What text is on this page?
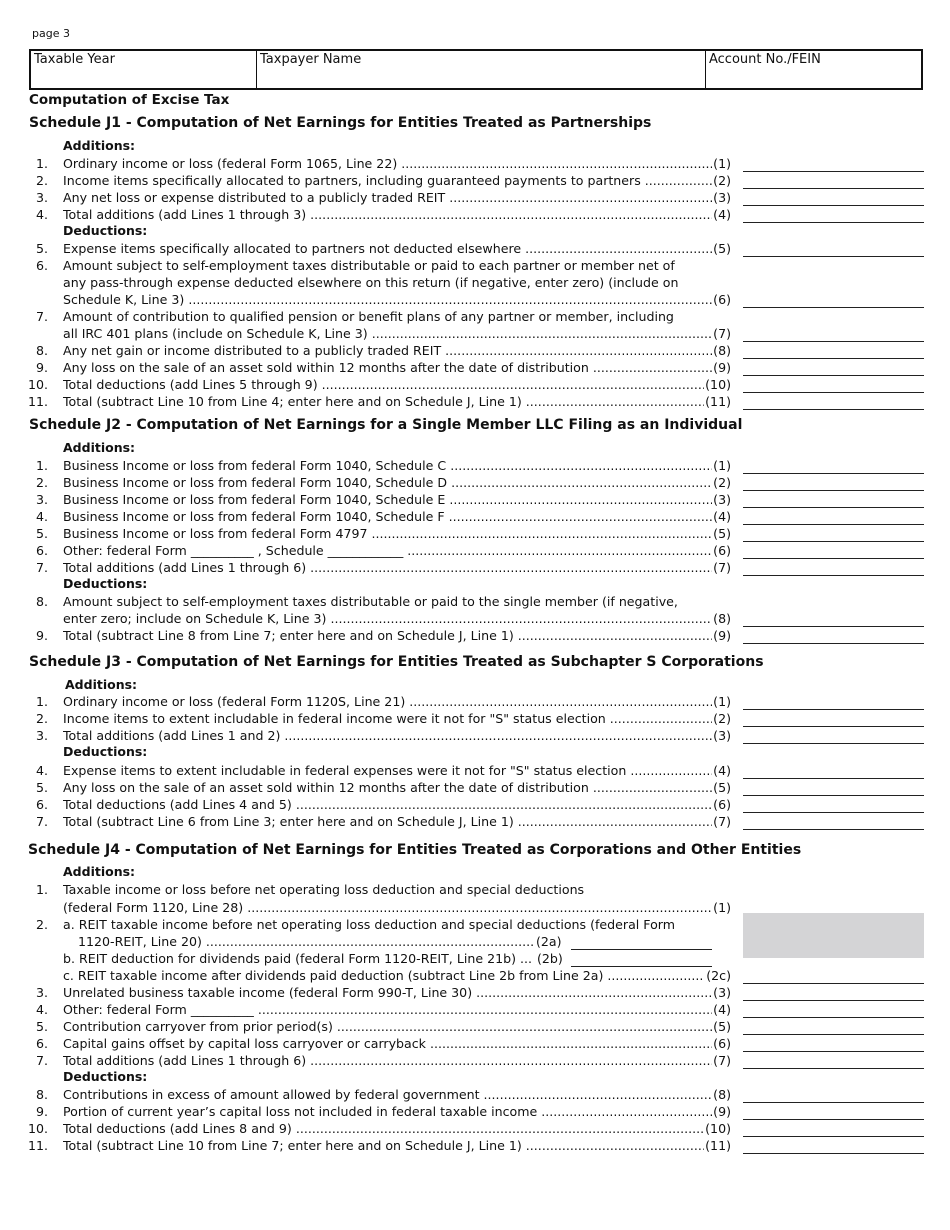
page 3
Taxable Year	Taxpayer Name	Account No./FEIN
Computation of Excise Tax
Schedule J1 - Computation of Net Earnings for Entities Treated as Partnerships
Additions:
1. Ordinary income or loss (federal Form 1065, Line 22) .....	(1)
2. Income items specifically allocated to partners, including guaranteed payments to partners .....	(2)
3. Any net loss or expense distributed to a publicly traded REIT .....	(3)
4. Total additions (add Lines 1 through 3) .....	(4)
Deductions:
5. Expense items specifically allocated to partners not deducted elsewhere .....	(5)
6. Amount subject to self-employment taxes distributable or paid to each partner or member net of
any pass-through expense deducted elsewhere on this return (if negative, enter zero) (include on
Schedule K, Line 3) .....	(6)
7. Amount of contribution to qualified pension or benefit plans of any partner or member, including
all IRC 401 plans (include on Schedule K, Line 3) .....	(7)
8. Any net gain or income distributed to a publicly traded REIT .....	(8)
9. Any loss on the sale of an asset sold within 12 months after the date of distribution .....	(9)
10. Total deductions (add Lines 5 through 9) .....	(10)
11. Total (subtract Line 10 from Line 4; enter here and on Schedule J, Line 1) .....	(11)
Schedule J2 - Computation of Net Earnings for a Single Member LLC Filing as an Individual
Additions:
1. Business Income or loss from federal Form 1040, Schedule C .....	(1)
2. Business Income or loss from federal Form 1040, Schedule D .....	(2)
3. Business Income or loss from federal Form 1040, Schedule E .....	(3)
4. Business Income or loss from federal Form 1040, Schedule F .....	(4)
5. Business Income or loss from federal Form 4797 .....	(5)
6. Other: federal Form __________ , Schedule ____________ .....	(6)
7. Total additions (add Lines 1 through 6) .....	(7)
Deductions:
8. Amount subject to self-employment taxes distributable or paid to the single member (if negative,
enter zero; include on Schedule K, Line 3) .....	(8)
9. Total (subtract Line 8 from Line 7; enter here and on Schedule J, Line 1) .....	(9)
Schedule J3 - Computation of Net Earnings for Entities Treated as Subchapter S Corporations
Additions:
1. Ordinary income or loss (federal Form 1120S, Line 21) .....	(1)
2. Income items to extent includable in federal income were it not for "S" status election .....	(2)
3. Total additions (add Lines 1 and 2) .....	(3)
Deductions:
4. Expense items to extent includable in federal expenses were it not for "S" status election .....	(4)
5. Any loss on the sale of an asset sold within 12 months after the date of distribution .....	(5)
6. Total deductions (add Lines 4 and 5) .....	(6)
7. Total (subtract Line 6 from Line 3; enter here and on Schedule J, Line 1) .....	(7)
Schedule J4 - Computation of Net Earnings for Entities Treated as Corporations and Other Entities
Additions:
1. Taxable income or loss before net operating loss deduction and special deductions
(federal Form 1120, Line 28) .....	(1)
2. a. REIT taxable income before net operating loss deduction and special deductions (federal Form
1120-REIT, Line 20) .....	(2a)
b. REIT deduction for dividends paid (federal Form 1120-REIT, Line 21b) .....	(2b)
c. REIT taxable income after dividends paid deduction (subtract Line 2b from Line 2a) .....	(2c)
3. Unrelated business taxable income (federal Form 990-T, Line 30) .....	(3)
4. Other: federal Form __________ .....	(4)
5. Contribution carryover from prior period(s) .....	(5)
6. Capital gains offset by capital loss carryover or carryback .....	(6)
7. Total additions (add Lines 1 through 6) .....	(7)
Deductions:
8. Contributions in excess of amount allowed by federal government .....	(8)
9. Portion of current year’s capital loss not included in federal taxable income .....	(9)
10. Total deductions (add Lines 8 and 9) .....	(10)
11. Total (subtract Line 10 from Line 7; enter here and on Schedule J, Line 1) .....	(11)
